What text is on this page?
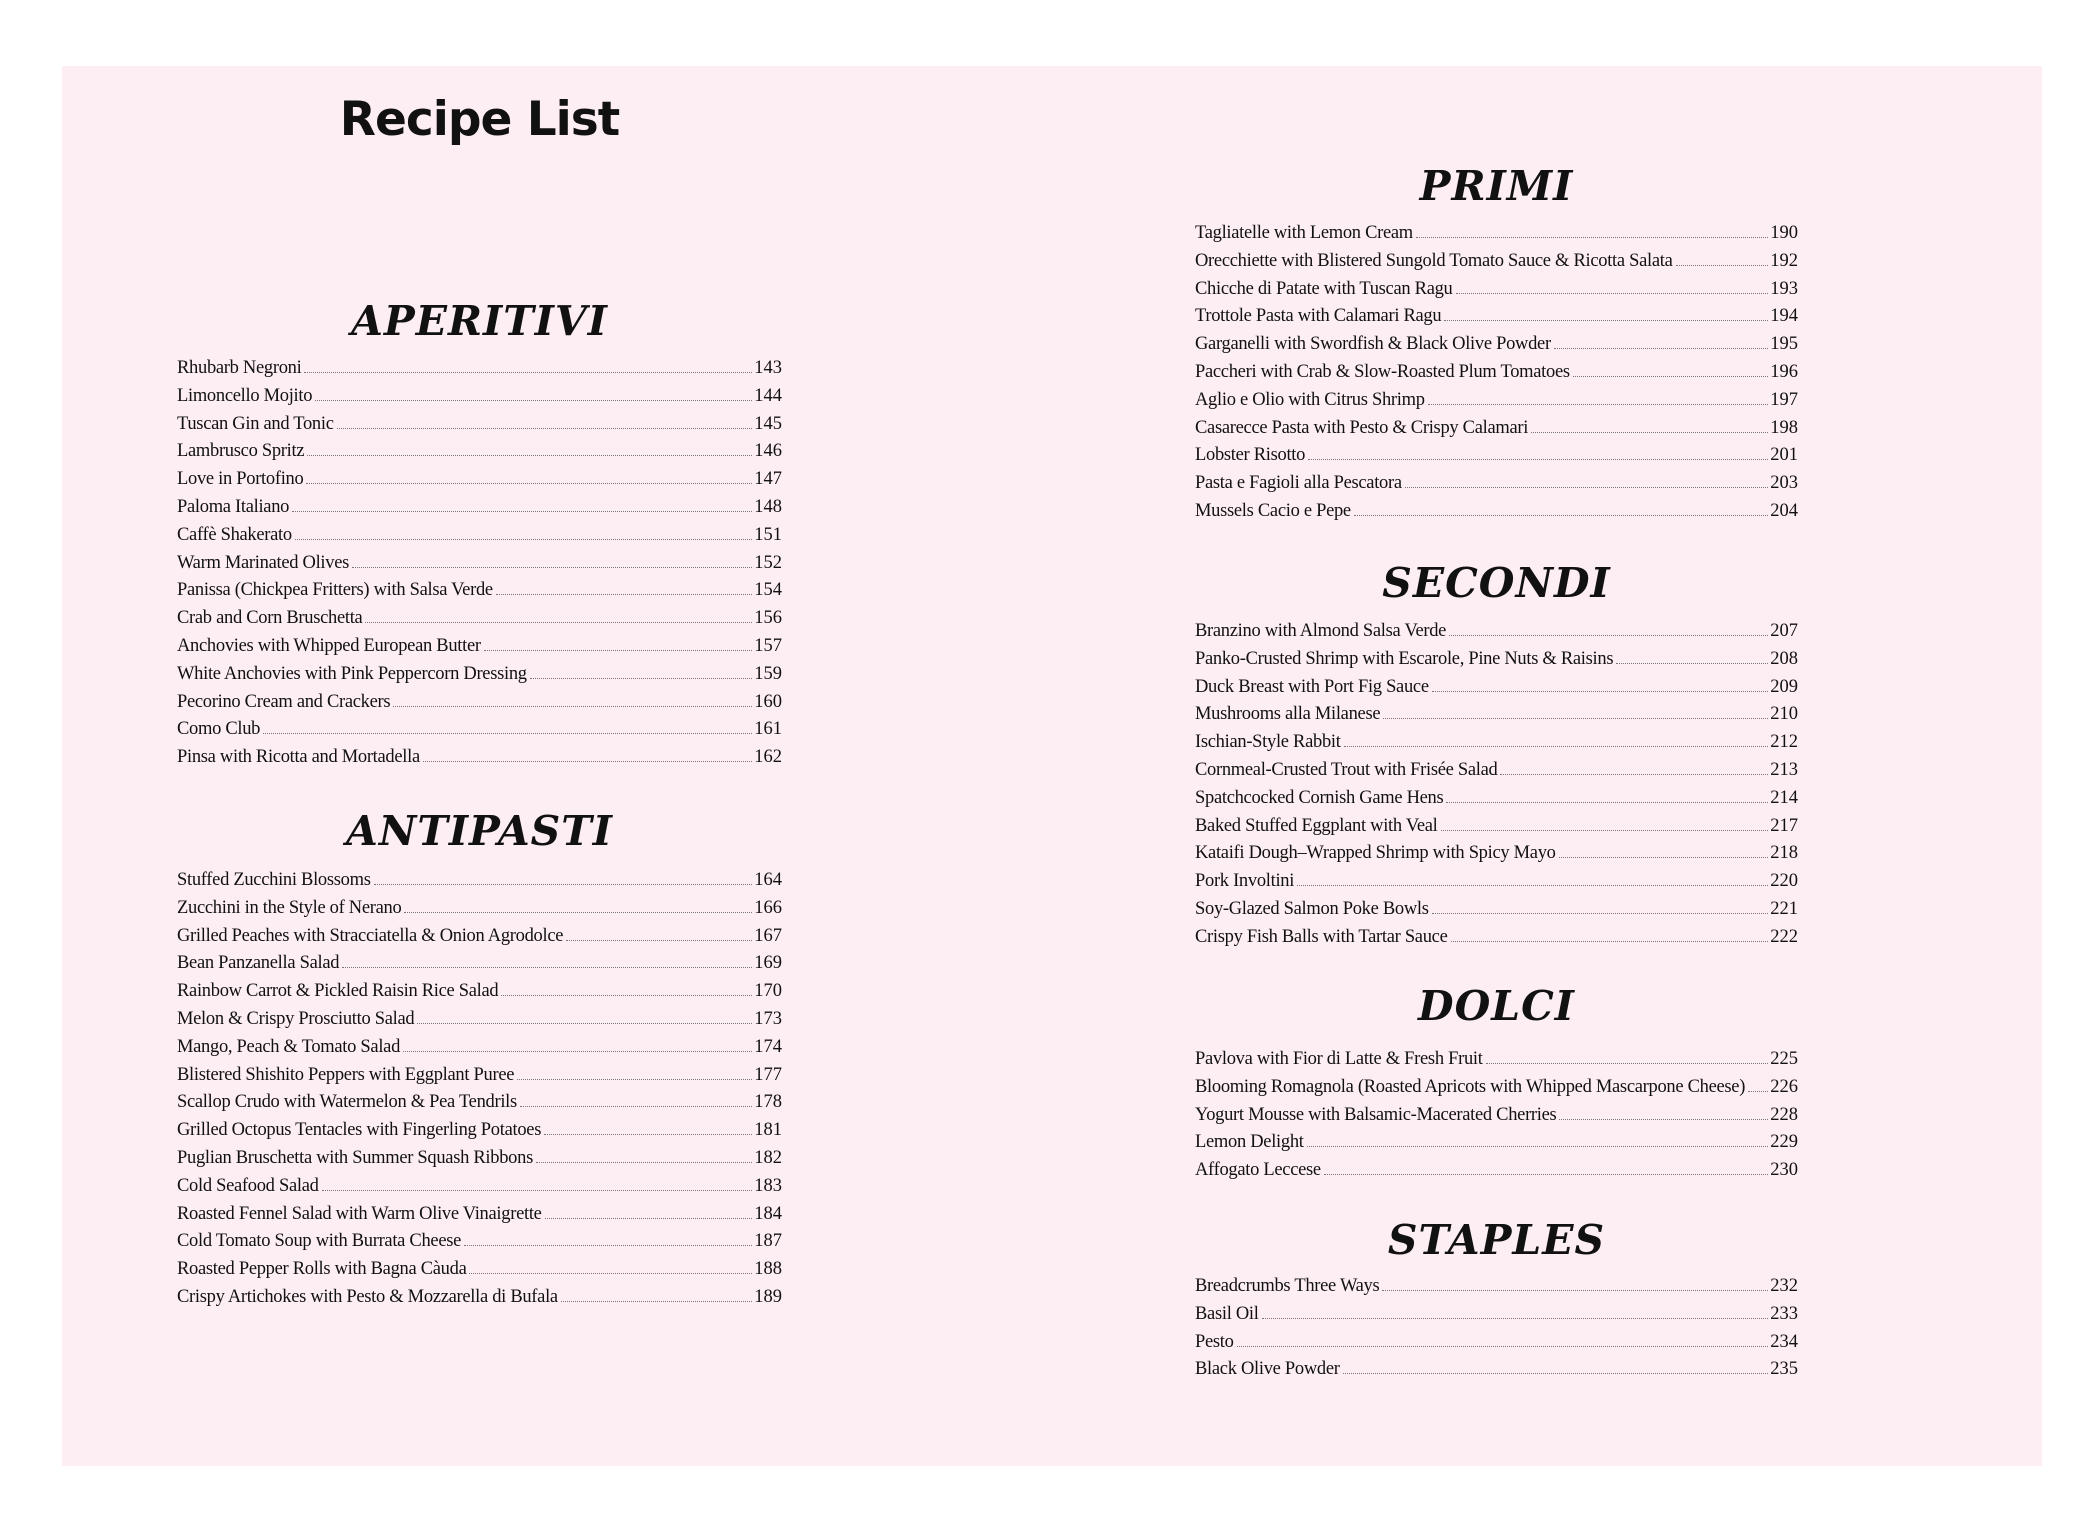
Recipe List
APERITIVI
Rhubarb Negroni	143
Limoncello Mojito	144
Tuscan Gin and Tonic	145
Lambrusco Spritz	146
Love in Portofino	147
Paloma Italiano	148
Caffè Shakerato	151
Warm Marinated Olives	152
Panissa (Chickpea Fritters) with Salsa Verde	154
Crab and Corn Bruschetta	156
Anchovies with Whipped European Butter	157
White Anchovies with Pink Peppercorn Dressing	159
Pecorino Cream and Crackers	160
Como Club	161
Pinsa with Ricotta and Mortadella	162
ANTIPASTI
Stuffed Zucchini Blossoms	164
Zucchini in the Style of Nerano	166
Grilled Peaches with Stracciatella & Onion Agrodolce	167
Bean Panzanella Salad	169
Rainbow Carrot & Pickled Raisin Rice Salad	170
Melon & Crispy Prosciutto Salad	173
Mango, Peach & Tomato Salad	174
Blistered Shishito Peppers with Eggplant Puree	177
Scallop Crudo with Watermelon & Pea Tendrils	178
Grilled Octopus Tentacles with Fingerling Potatoes	181
Puglian Bruschetta with Summer Squash Ribbons	182
Cold Seafood Salad	183
Roasted Fennel Salad with Warm Olive Vinaigrette	184
Cold Tomato Soup with Burrata Cheese	187
Roasted Pepper Rolls with Bagna Càuda	188
Crispy Artichokes with Pesto & Mozzarella di Bufala	189
PRIMI
Tagliatelle with Lemon Cream	190
Orecchiette with Blistered Sungold Tomato Sauce & Ricotta Salata	192
Chicche di Patate with Tuscan Ragu	193
Trottole Pasta with Calamari Ragu	194
Garganelli with Swordfish & Black Olive Powder	195
Paccheri with Crab & Slow-Roasted Plum Tomatoes	196
Aglio e Olio with Citrus Shrimp	197
Casarecce Pasta with Pesto & Crispy Calamari	198
Lobster Risotto	201
Pasta e Fagioli alla Pescatora	203
Mussels Cacio e Pepe	204
SECONDI
Branzino with Almond Salsa Verde	207
Panko-Crusted Shrimp with Escarole, Pine Nuts & Raisins	208
Duck Breast with Port Fig Sauce	209
Mushrooms alla Milanese	210
Ischian-Style Rabbit	212
Cornmeal-Crusted Trout with Frisée Salad	213
Spatchcocked Cornish Game Hens	214
Baked Stuffed Eggplant with Veal	217
Kataifi Dough–Wrapped Shrimp with Spicy Mayo	218
Pork Involtini	220
Soy-Glazed Salmon Poke Bowls	221
Crispy Fish Balls with Tartar Sauce	222
DOLCI
Pavlova with Fior di Latte & Fresh Fruit	225
Blooming Romagnola (Roasted Apricots with Whipped Mascarpone Cheese) 226
Yogurt Mousse with Balsamic-Macerated Cherries	228
Lemon Delight	229
Affogato Leccese	230
STAPLES
Breadcrumbs Three Ways	232
Basil Oil	233
Pesto	234
Black Olive Powder	235
